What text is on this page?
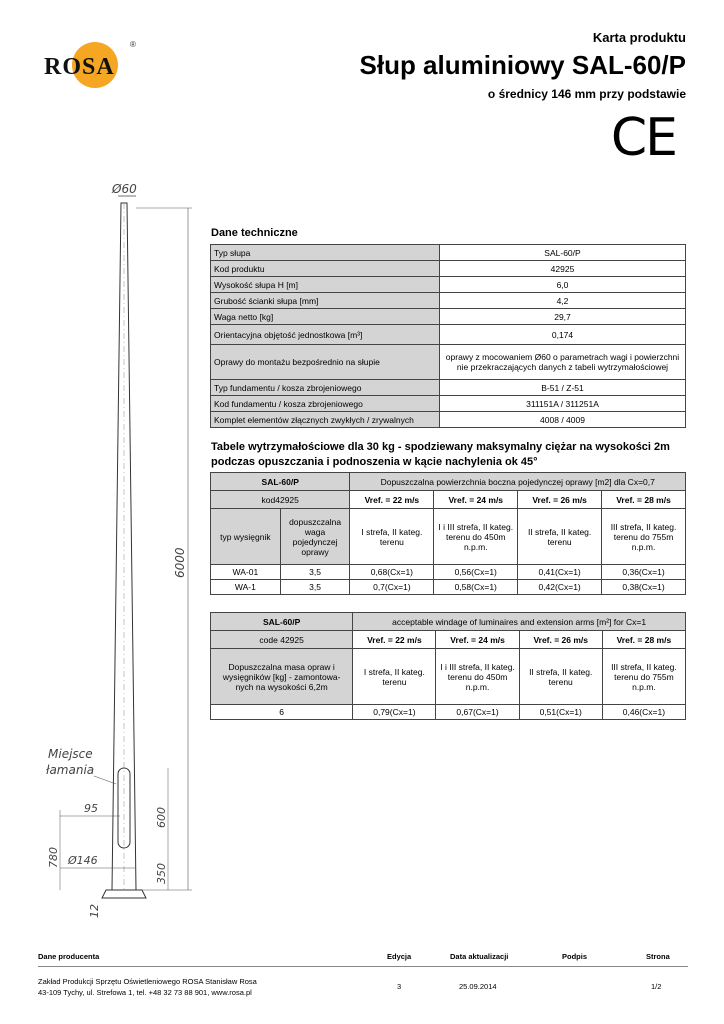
ROSA
®	Karta produktu
Słup aluminiowy SAL-60/P
o średnicy 146 mm przy podstawie
CE
Ø60
6000
Miejsce
łamania
95	600
350
780 Ø146
12
Dane techniczne
Typ słupa	SAL-60/P
Kod produktu	42925
Wysokość słupa H [m]	6,0
Grubość ścianki słupa [mm]	4,2
Waga netto [kg]	29,7
Orientacyjna objętość jednostkowa [m³]	0,174
Oprawy do montażu bezpośrednio na słupie	oprawy z mocowaniem Ø60 o parametrach wagi i powierzchni nie przekraczających danych z tabeli wytrzymałościowej
Typ fundamentu / kosza zbrojeniowego	B-51 / Z-51
Kod fundamentu / kosza zbrojeniowego	311151A / 311251A
Komplet elementów złącznych zwykłych / zrywalnych	4008 / 4009
Tabele wytrzymałościowe dla 30 kg - spodziewany maksymalny ciężar na wysokości 2m podczas opuszczania i podnoszenia w kącie nachylenia ok 45°
SAL-60/P		Dopuszczalna powierzchnia boczna pojedynczej oprawy [m2] dla Cx=0,7			
kod42925		Vref. = 22 m/s	Vref. = 24 m/s	Vref. = 26 m/s	Vref. = 28 m/s
typ wysięgnik	dopuszczalna waga pojedynczej oprawy	I strefa, II kateg. terenu	I i III strefa, II kateg. terenu do 450m n.p.m.	II strefa, II kateg. terenu	III strefa, II kateg. terenu do 755m n.p.m.
WA-01	3,5	0,68(Cx=1)	0,56(Cx=1)	0,41(Cx=1)	0,36(Cx=1)
WA-1	3,5	0,7(Cx=1)	0,58(Cx=1)	0,42(Cx=1)	0,38(Cx=1)
SAL-60/P	acceptable windage of luminaires and extension arms [m²] for Cx=1			
code 42925	Vref. = 22 m/s	Vref. = 24 m/s	Vref. = 26 m/s	Vref. = 28 m/s
Dopuszczalna masa opraw i wysięgników [kg] - zamontowa-nych na wysokości 6,2m	I strefa, II kateg. terenu	I i III strefa, II kateg. terenu do 450m n.p.m.	II strefa, II kateg. terenu	III strefa, II kateg. terenu do 755m n.p.m.
6	0,79(Cx=1)	0,67(Cx=1)	0,51(Cx=1)	0,46(Cx=1)
Dane producenta	Edycja	Data aktualizacji	Podpis	Strona
Zakład Produkcji Sprzętu Oświetleniowego ROSA Stanisław Rosa
43-109 Tychy, ul. Strefowa 1, tel. +48 32 73 88 901, www.rosa.pl
3	25.09.2014	1/2
